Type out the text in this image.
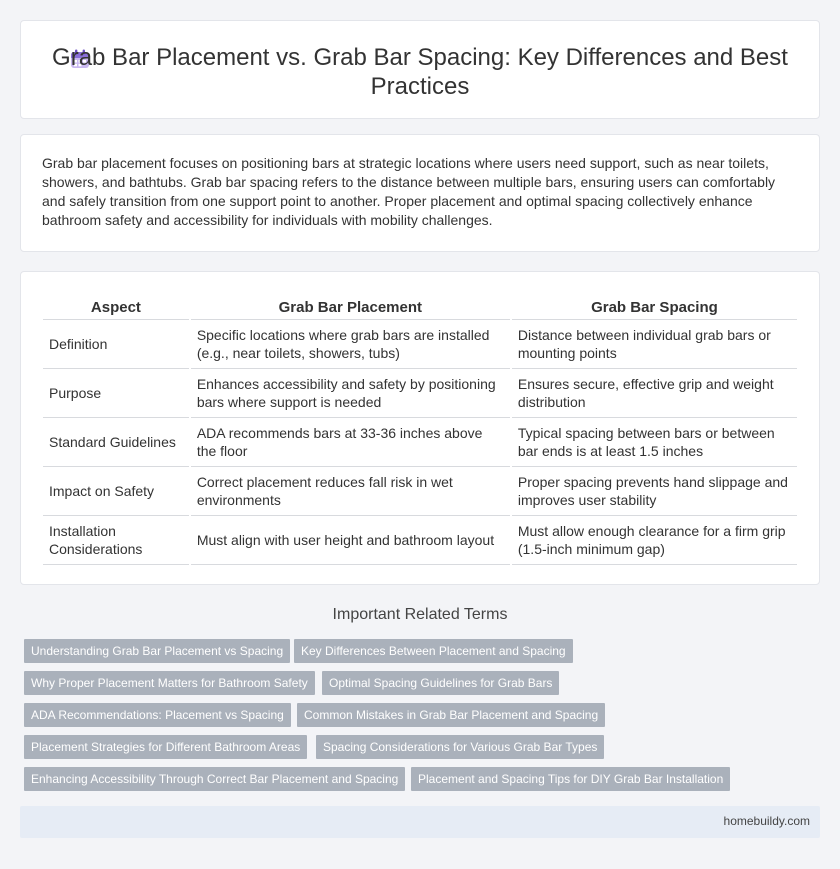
Grab Bar Placement vs. Grab Bar Spacing: Key Differences and Best Practices

Grab bar placement focuses on positioning bars at strategic locations where users need support, such as near toilets, showers, and bathtubs. Grab bar spacing refers to the distance between multiple bars, ensuring users can comfortably and safely transition from one support point to another. Proper placement and optimal spacing collectively enhance bathroom safety and accessibility for individuals with mobility challenges.

Aspect	Grab Bar Placement	Grab Bar Spacing
Definition	Specific locations where grab bars are installed (e.g., near toilets, showers, tubs)	Distance between individual grab bars or mounting points
Purpose	Enhances accessibility and safety by positioning bars where support is needed	Ensures secure, effective grip and weight distribution
Standard Guidelines	ADA recommends bars at 33-36 inches above the floor	Typical spacing between bars or between bar ends is at least 1.5 inches
Impact on Safety	Correct placement reduces fall risk in wet environments	Proper spacing prevents hand slippage and improves user stability
Installation Considerations	Must align with user height and bathroom layout	Must allow enough clearance for a firm grip (1.5-inch minimum gap)
Important Related Terms
Understanding Grab Bar Placement vs Spacing	Key Differences Between Placement and Spacing
Why Proper Placement Matters for Bathroom Safety	Optimal Spacing Guidelines for Grab Bars
ADA Recommendations: Placement vs Spacing	Common Mistakes in Grab Bar Placement and Spacing
Placement Strategies for Different Bathroom Areas	Spacing Considerations for Various Grab Bar Types
Enhancing Accessibility Through Correct Bar Placement and Spacing	Placement and Spacing Tips for DIY Grab Bar Installation
homebuildy.com
